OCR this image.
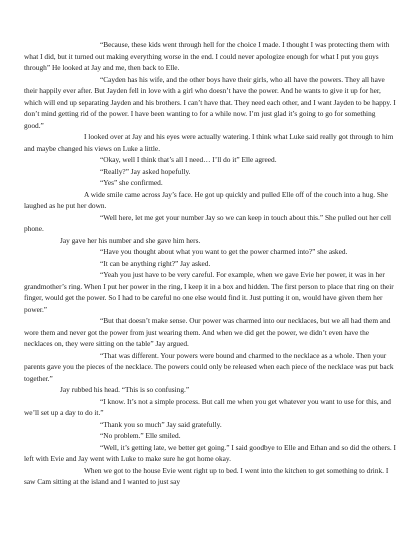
“Because, these kids went through hell for the choice I made. I thought I was protecting them with what I did, but it turned out making everything worse in the end. I could never apologize enough for what I put you guys through” He looked at Jay and me, then back to Elle.

“Cayden has his wife, and the other boys have their girls, who all have the powers. They all have their happily ever after. But Jayden fell in love with a girl who doesn’t have the power. And he wants to give it up for her, which will end up separating Jayden and his brothers. I can’t have that. They need each other, and I want Jayden to be happy. I don’t mind getting rid of the power. I have been wanting to for a while now. I’m just glad it’s going to go for something good.”

I looked over at Jay and his eyes were actually watering. I think what Luke said really got through to him and maybe changed his views on Luke a little.

“Okay, well I think that’s all I need… I’ll do it” Elle agreed.

“Really?” Jay asked hopefully.

“Yes” she confirmed.

A wide smile came across Jay’s face. He got up quickly and pulled Elle off of the couch into a hug. She laughed as he put her down.

“Well here, let me get your number Jay so we can keep in touch about this.” She pulled out her cell phone.

Jay gave her his number and she gave him hers.

“Have you thought about what you want to get the power charmed into?” she asked.

“It can be anything right?” Jay asked.

“Yeah you just have to be very careful. For example, when we gave Evie her power, it was in her grandmother’s ring. When I put her power in the ring, I keep it in a box and hidden. The first person to place that ring on their finger, would get the power. So I had to be careful no one else would find it. Just putting it on, would have given them her power.”

“But that doesn’t make sense. Our power was charmed into our necklaces, but we all had them and wore them and never got the power from just wearing them. And when we did get the power, we didn’t even have the necklaces on, they were sitting on the table” Jay argued.

“That was different. Your powers were bound and charmed to the necklace as a whole. Then your parents gave you the pieces of the necklace. The powers could only be released when each piece of the necklace was put back together.”

Jay rubbed his head. “This is so confusing.”

“I know. It’s not a simple process. But call me when you get whatever you want to use for this, and we’ll set up a day to do it.”

“Thank you so much” Jay said gratefully.

“No problem.” Elle smiled.

“Well, it’s getting late, we better get going.” I said goodbye to Elle and Ethan and so did the others. I left with Evie and Jay went with Luke to make sure he got home okay.

When we got to the house Evie went right up to bed. I went into the kitchen to get something to drink. I saw Cam sitting at the island and I wanted to just say
